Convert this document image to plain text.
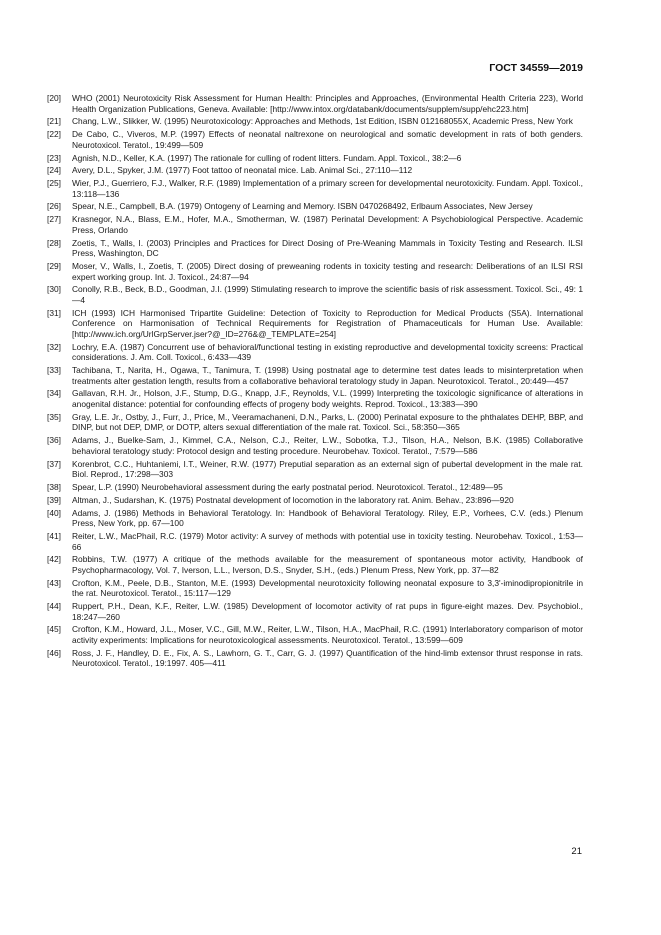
ГОСТ 34559—2019
[20] WHO (2001) Neurotoxicity Risk Assessment for Human Health: Principles and Approaches, (Environmental Health Criteria 223), World Health Organization Publications, Geneva. Available: [http://www.intox.org/databank/documents/supplem/supp/ehc223.htm]
[21] Chang, L.W., Slikker, W. (1995) Neurotoxicology: Approaches and Methods, 1st Edition, ISBN 012168055X, Academic Press, New York
[22] De Cabo, C., Viveros, M.P. (1997) Effects of neonatal naltrexone on neurological and somatic development in rats of both genders. Neurotoxicol. Teratol., 19:499—509
[23] Agnish, N.D., Keller, K.A. (1997) The rationale for culling of rodent litters. Fundam. Appl. Toxicol., 38:2—6
[24] Avery, D.L., Spyker, J.M. (1977) Foot tattoo of neonatal mice. Lab. Animal Sci., 27:110—112
[25] Wier, P.J., Guerriero, F.J., Walker, R.F. (1989) Implementation of a primary screen for developmental neurotoxicity. Fundam. Appl. Toxicol., 13:118—136
[26] Spear, N.E., Campbell, B.A. (1979) Ontogeny of Learning and Memory. ISBN 0470268492, Erlbaum Associates, New Jersey
[27] Krasnegor, N.A., Blass, E.M., Hofer, M.A., Smotherman, W. (1987) Perinatal Development: A Psychobiological Perspective. Academic Press, Orlando
[28] Zoetis, T., Walls, I. (2003) Principles and Practices for Direct Dosing of Pre-Weaning Mammals in Toxicity Testing and Research. ILSI Press, Washington, DC
[29] Moser, V., Walls, I., Zoetis, T. (2005) Direct dosing of preweaning rodents in toxicity testing and research: Deliberations of an ILSI RSI expert working group. Int. J. Toxicol., 24:87—94
[30] Conolly, R.B., Beck, B.D., Goodman, J.I. (1999) Stimulating research to improve the scientific basis of risk assessment. Toxicol. Sci., 49: 1—4
[31] ICH (1993) ICH Harmonised Tripartite Guideline: Detection of Toxicity to Reproduction for Medical Products (S5A). International Conference on Harmonisation of Technical Requirements for Registration of Phamaceuticals for Human Use. Available: [http://www.ich.org/UrlGrpServer.jser?@_ID=276&@_TEMPLATE=254]
[32] Lochry, E.A. (1987) Concurrent use of behavioral/functional testing in existing reproductive and developmental toxicity screens: Practical considerations. J. Am. Coll. Toxicol., 6:433—439
[33] Tachibana, T., Narita, H., Ogawa, T., Tanimura, T. (1998) Using postnatal age to determine test dates leads to misinterpretation when treatments alter gestation length, results from a collaborative behavioral teratology study in Japan. Neurotoxicol. Teratol., 20:449—457
[34] Gallavan, R.H. Jr., Holson, J.F., Stump, D.G., Knapp, J.F., Reynolds, V.L. (1999) Interpreting the toxicologic significance of alterations in anogenital distance: potential for confounding effects of progeny body weights. Reprod. Toxicol., 13:383—390
[35] Gray, L.E. Jr., Ostby, J., Furr, J., Price, M., Veeramachaneni, D.N., Parks, L. (2000) Perinatal exposure to the phthalates DEHP, BBP, and DINP, but not DEP, DMP, or DOTP, alters sexual differentiation of the male rat. Toxicol. Sci., 58:350—365
[36] Adams, J., Buelke-Sam, J., Kimmel, C.A., Nelson, C.J., Reiter, L.W., Sobotka, T.J., Tilson, H.A., Nelson, B.K. (1985) Collaborative behavioral teratology study: Protocol design and testing procedure. Neurobehav. Toxicol. Teratol., 7:579—586
[37] Korenbrot, C.C., Huhtaniemi, I.T., Weiner, R.W. (1977) Preputial separation as an external sign of pubertal development in the male rat. Biol. Reprod., 17:298—303
[38] Spear, L.P. (1990) Neurobehavioral assessment during the early postnatal period. Neurotoxicol. Teratol., 12:489—95
[39] Altman, J., Sudarshan, K. (1975) Postnatal development of locomotion in the laboratory rat. Anim. Behav., 23:896—920
[40] Adams, J. (1986) Methods in Behavioral Teratology. In: Handbook of Behavioral Teratology. Riley, E.P., Vorhees, C.V. (eds.) Plenum Press, New York, pp. 67—100
[41] Reiter, L.W., MacPhail, R.C. (1979) Motor activity: A survey of methods with potential use in toxicity testing. Neurobehav. Toxicol., 1:53—66
[42] Robbins, T.W. (1977) A critique of the methods available for the measurement of spontaneous motor activity, Handbook of Psychopharmacology, Vol. 7, Iverson, L.L., Iverson, D.S., Snyder, S.H., (eds.) Plenum Press, New York, pp. 37—82
[43] Crofton, K.M., Peele, D.B., Stanton, M.E. (1993) Developmental neurotoxicity following neonatal exposure to 3,3'-iminodipropionitrile in the rat. Neurotoxicol. Teratol., 15:117—129
[44] Ruppert, P.H., Dean, K.F., Reiter, L.W. (1985) Development of locomotor activity of rat pups in figure-eight mazes. Dev. Psychobiol., 18:247—260
[45] Crofton, K.M., Howard, J.L., Moser, V.C., Gill, M.W., Reiter, L.W., Tilson, H.A., MacPhail, R.C. (1991) Interlaboratory comparison of motor activity experiments: Implications for neurotoxicological assessments. Neurotoxicol. Teratol., 13:599—609
[46] Ross, J. F., Handley, D. E., Fix, A. S., Lawhorn, G. T., Carr, G. J. (1997) Quantification of the hind-limb extensor thrust response in rats. Neurotoxicol. Teratol., 19:1997. 405—411
21
